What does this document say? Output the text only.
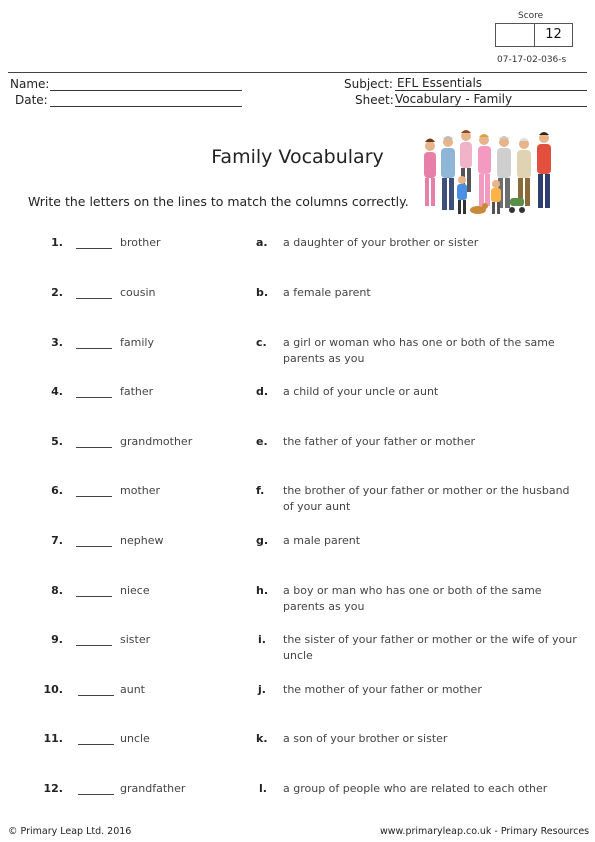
Score
12
07-17-02-036-s
Name:
Date:
Subject: EFL Essentials
Sheet: Vocabulary - Family
Family Vocabulary
Write the letters on the lines to match the columns correctly.
1.	brother	a. a daughter of your brother or sister
2.	cousin	b. a female parent
3.	family	c. a girl or woman who has one or both of the same parents as you
4.	father	d. a child of your uncle or aunt
5.	grandmother	e. the father of your father or mother
6.	mother	f. the brother of your father or mother or the husband of your aunt
7.	nephew	g. a male parent
8.	niece	h. a boy or man who has one or both of the same parents as you
9.	sister	i. the sister of your father or mother or the wife of your uncle
10.	aunt	j. the mother of your father or mother
11.	uncle	k. a son of your brother or sister
12.	grandfather	l. a group of people who are related to each other
© Primary Leap Ltd. 2016	www.primaryleap.co.uk - Primary Resources
